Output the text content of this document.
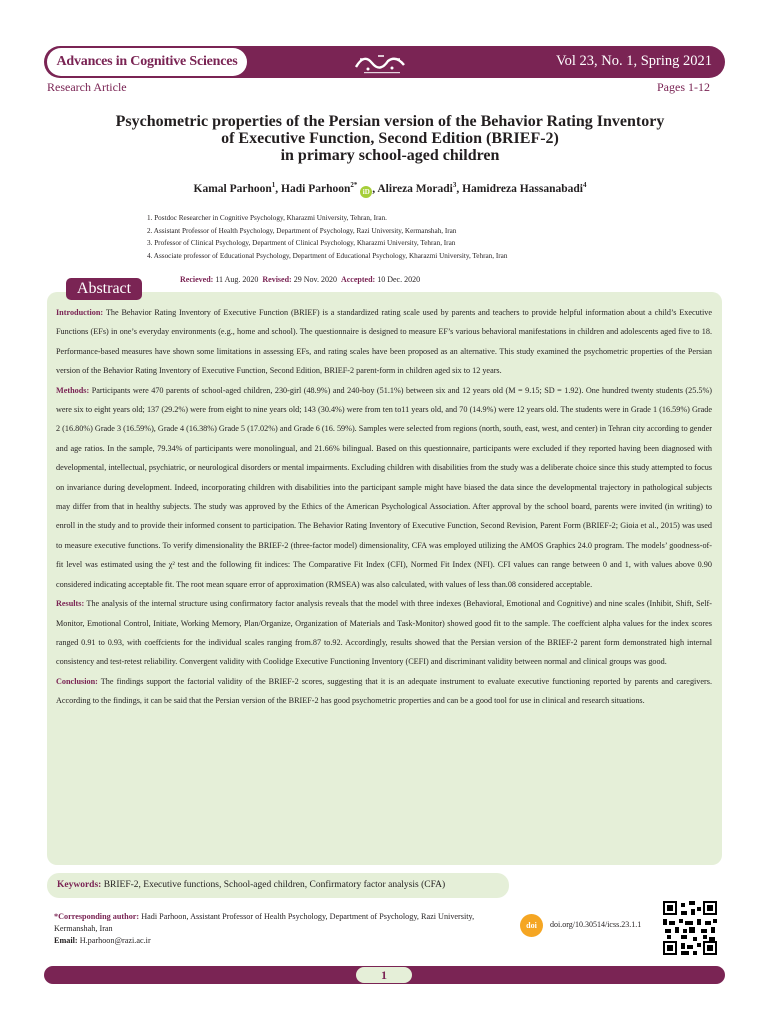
Advances in Cognitive Sciences	Vol 23, No. 1, Spring 2021
Research Article	Pages 1-12
Psychometric properties of the Persian version of the Behavior Rating Inventory
of Executive Function, Second Edition (BRIEF-2)
in primary school-aged children
Kamal Parhoon$^1$, Hadi Parhoon$^{2*}$ iD , Alireza Moradi$^3$, Hamidreza Hassanabadi$^4$
1. Postdoc Researcher in Cognitive Psychology, Kharazmi University, Tehran, Iran.
2. Assistant Professor of Health Psychology, Department of Psychology, Razi University, Kermanshah, Iran
3. Professor of Clinical Psychology, Department of Clinical Psychology, Kharazmi University, Tehran, Iran
4. Associate professor of Educational Psychology, Department of Educational Psychology, Kharazmi University, Tehran, Iran
Abstract
Recieved: 11 Aug. 2020 Revised: 29 Nov. 2020 Accepted: 10 Dec. 2020

Introduction: The Behavior Rating Inventory of Executive Function (BRIEF) is a standardized rating scale used by parents and teachers to provide helpful information about a child’s Executive Functions (EFs) in one’s everyday environments (e.g., home and school). The questionnaire is designed to measure EF’s various behavioral manifestations in children and adolescents aged five to 18. Performance-based measures have shown some limitations in assessing EFs, and rating scales have been proposed as an alternative. This study examined the psychometric properties of the Persian version of the Behavior Rating Inventory of Executive Function, Second Edition, BRIEF-2 parent-form in children aged six to 12 years.

Methods: Participants were 470 parents of school-aged children, 230-girl (48.9%) and 240-boy (51.1%) between six and 12 years old (M = 9.15; SD = 1.92). One hundred twenty students (25.5%) were six to eight years old; 137 (29.2%) were from eight to nine years old; 143 (30.4%) were from ten to11 years old, and 70 (14.9%) were 12 years old. The students were in Grade 1 (16.59%) Grade 2 (16.80%) Grade 3 (16.59%), Grade 4 (16.38%) Grade 5 (17.02%) and Grade 6 (16. 59%). Samples were selected from regions (north, south, east, west, and center) in Tehran city according to gender and age ratios. In the sample, 79.34% of participants were monolingual, and 21.66% bilingual. Based on this questionnaire, participants were excluded if they reported having been diagnosed with developmental, intellectual, psychiatric, or neurological disorders or mental impairments. Excluding children with disabilities from the study was a deliberate choice since this study attempted to focus on invariance during development. Indeed, incorporating children with disabilities into the participant sample might have biased the data since the developmental trajectory in pathological subjects may differ from that in healthy subjects. The study was approved by the Ethics of the American Psychological Association. After approval by the school board, parents were invited (in writing) to enroll in the study and to provide their informed consent to participation. The Behavior Rating Inventory of Executive Function, Second Revision, Parent Form (BRIEF-2; Gioia et al., 2015) was used to measure executive functions. To verify dimensionality the BRIEF-2 (three-factor model) dimensionality, CFA was employed utilizing the AMOS Graphics 24.0 program. The models’ goodness-of-fit level was estimated using the χ² test and the following fit indices: The Comparative Fit Index (CFI), Normed Fit Index (NFI). CFI values can range between 0 and 1, with values above 0.90 considered indicating acceptable fit. The root mean square error of approximation (RMSEA) was also calculated, with values of less than.08 considered acceptable.

Results: The analysis of the internal structure using confirmatory factor analysis reveals that the model with three indexes (Behavioral, Emotional and Cognitive) and nine scales (Inhibit, Shift, Self-Monitor, Emotional Control, Initiate, Working Memory, Plan/Organize, Organization of Materials and Task-Monitor) showed good fit to the sample. The coeffcient alpha values for the index scores ranged 0.91 to 0.93, with coeffcients for the individual scales ranging from.87 to.92. Accordingly, results showed that the Persian version of the BRIEF-2 parent form demonstrated high internal consistency and test-retest reliability. Convergent validity with Coolidge Executive Functioning Inventory (CEFI) and discriminant validity between normal and clinical groups was good.

Conclusion: The findings support the factorial validity of the BRIEF-2 scores, suggesting that it is an adequate instrument to evaluate executive functioning reported by parents and caregivers. According to the findings, it can be said that the Persian version of the BRIEF-2 has good psychometric properties and can be a good tool for use in clinical and research situations.

Keywords: BRIEF-2, Executive functions, School-aged children, Confirmatory factor analysis (CFA)
*Corresponding author: Hadi Parhoon, Assistant Professor of Health Psychology, Department of Psychology, Razi University, Kermanshah, Iran
Email: H.parhoon@razi.ac.ir
doi	doi.org/10.30514/icss.23.1.1
1
